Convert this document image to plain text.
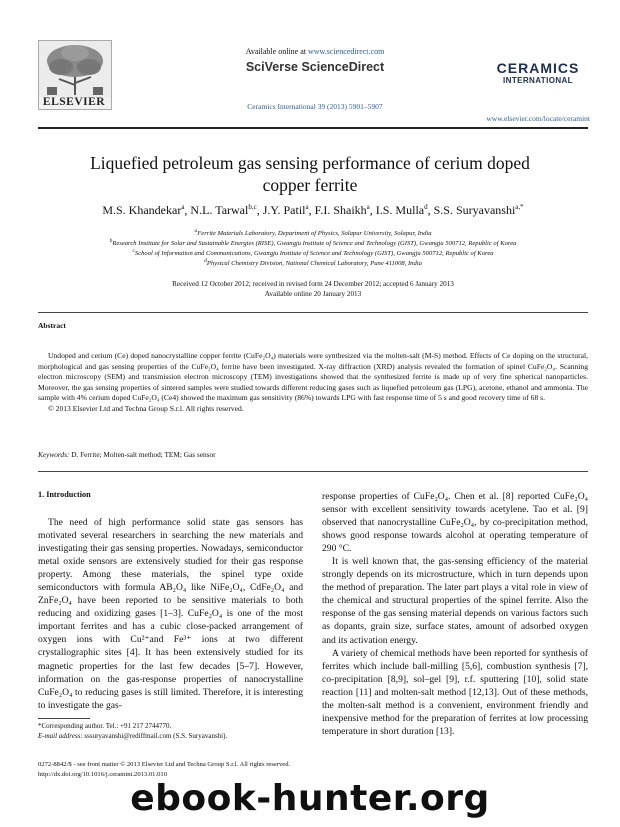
ELSEVIER
Available online at www.sciencedirect.com
SciVerse ScienceDirect
Ceramics International 39 (2013) 5901–5907
CERAMICS
INTERNATIONAL
www.elsevier.com/locate/ceramint
Liquefied petroleum gas sensing performance of cerium doped
copper ferrite
M.S. Khandekar$^a$, N.L. Tarwal$^{b,c}$, J.Y. Patil$^a$, F.I. Shaikh$^a$, I.S. Mulla$^d$, S.S. Suryavanshi$^{a,*}$
$^a$Ferrite Materials Laboratory, Department of Physics, Solapur University, Solapur, India
$^b$Research Institute for Solar and Sustainable Energies (RISE), Gwangju Institute of Science and Technology (GIST), Gwangju 500712, Republic of Korea
$^c$School of Information and Communications, Gwangju Institute of Science and Technology (GIST), Gwangju 500712, Republic of Korea
$^d$Physical Chemistry Division, National Chemical Laboratory, Pune 411008, India
Received 12 October 2012; received in revised form 24 December 2012; accepted 6 January 2013
Available online 20 January 2013
Abstract
Undoped and cerium (Ce) doped nanocrystalline copper ferrite (CuFe₂O₄) materials were synthesized via the molten-salt (M-S) method. Effects of Ce doping on the structural, morphological and gas sensing properties of the CuFe₂O₄ ferrite have been investigated. X-ray diffraction (XRD) analysis revealed the formation of spinel CuFe₂O₄. Scanning electron microscopy (SEM) and transmission electron microscopy (TEM) investigations showed that the synthesized ferrite is made up of very fine spherical nanoparticles. Moreover, the gas sensing properties of sintered samples were studied towards different reducing gases such as liquefied petroleum gas (LPG), acetone, ethanol and ammonia. The sample with 4% cerium doped CuFe₂O₄ (Ce4) showed the maximum gas sensitivity (86%) towards LPG with fast response time of 5 s and good recovery time of 68 s.
© 2013 Elsevier Ltd and Techna Group S.r.l. All rights reserved.
Keywords: D. Ferrite; Molten-salt method; TEM; Gas sensor
1. Introduction

The need of high performance solid state gas sensors has motivated several researchers in searching the new materials and investigating their gas sensing properties. Nowadays, semiconductor metal oxide sensors are extensively studied for their gas response property. Among these materials, the spinel type oxide semiconductors with formula AB₂O₄ like NiFe₂O₄, CdFe₂O₄ and ZnFe₂O₄ have been reported to be sensitive materials to both reducing and oxidizing gases [1–3]. CuFe₂O₄ is one of the most important ferrites and has a cubic close-packed arrangement of oxygen ions with Cu²⁺and Fe³⁺ ions at two different crystallographic sites [4]. It has been extensively studied for its magnetic properties for the last few decades [5–7]. However, information on the gas-response properties of nanocrystalline CuFe₂O₄ to reducing gases is still limited. Therefore, it is interesting to investigate the gas-

response properties of CuFe₂O₄. Chen et al. [8] reported CuFe₂O₄ sensor with excellent sensitivity towards acetylene. Tao et al. [9] observed that nanocrystalline CuFe₂O₄, by co-precipitation method, shows good response towards alcohol at operating temperature of 290 °C.

It is well known that, the gas-sensing efficiency of the material strongly depends on its microstructure, which in turn depends upon the method of preparation. The later part plays a vital role in view of the chemical and structural properties of the spinel ferrite. Also the response of the gas sensing material depends on various factors such as dopants, grain size, surface states, amount of adsorbed oxygen and its activation energy.

A variety of chemical methods have been reported for synthesis of ferrites which include ball-milling [5,6], combustion synthesis [7], co-precipitation [8,9], sol–gel [9], r.f. sputtering [10], solid state reaction [11] and molten-salt method [12,13]. Out of these methods, the molten-salt method is a convenient, environment friendly and inexpensive method for the preparation of ferrites at low processing temperature in short duration [13].

*Corresponding author. Tel.: +91 217 2744770.
E-mail address: sssuryavanshi@rediffmail.com (S.S. Suryavanshi).
0272-8842/$ - see front matter © 2013 Elsevier Ltd and Techna Group S.r.l. All rights reserved.
http://dx.doi.org/10.1016/j.ceramint.2013.01.010
ebook-hunter.org
